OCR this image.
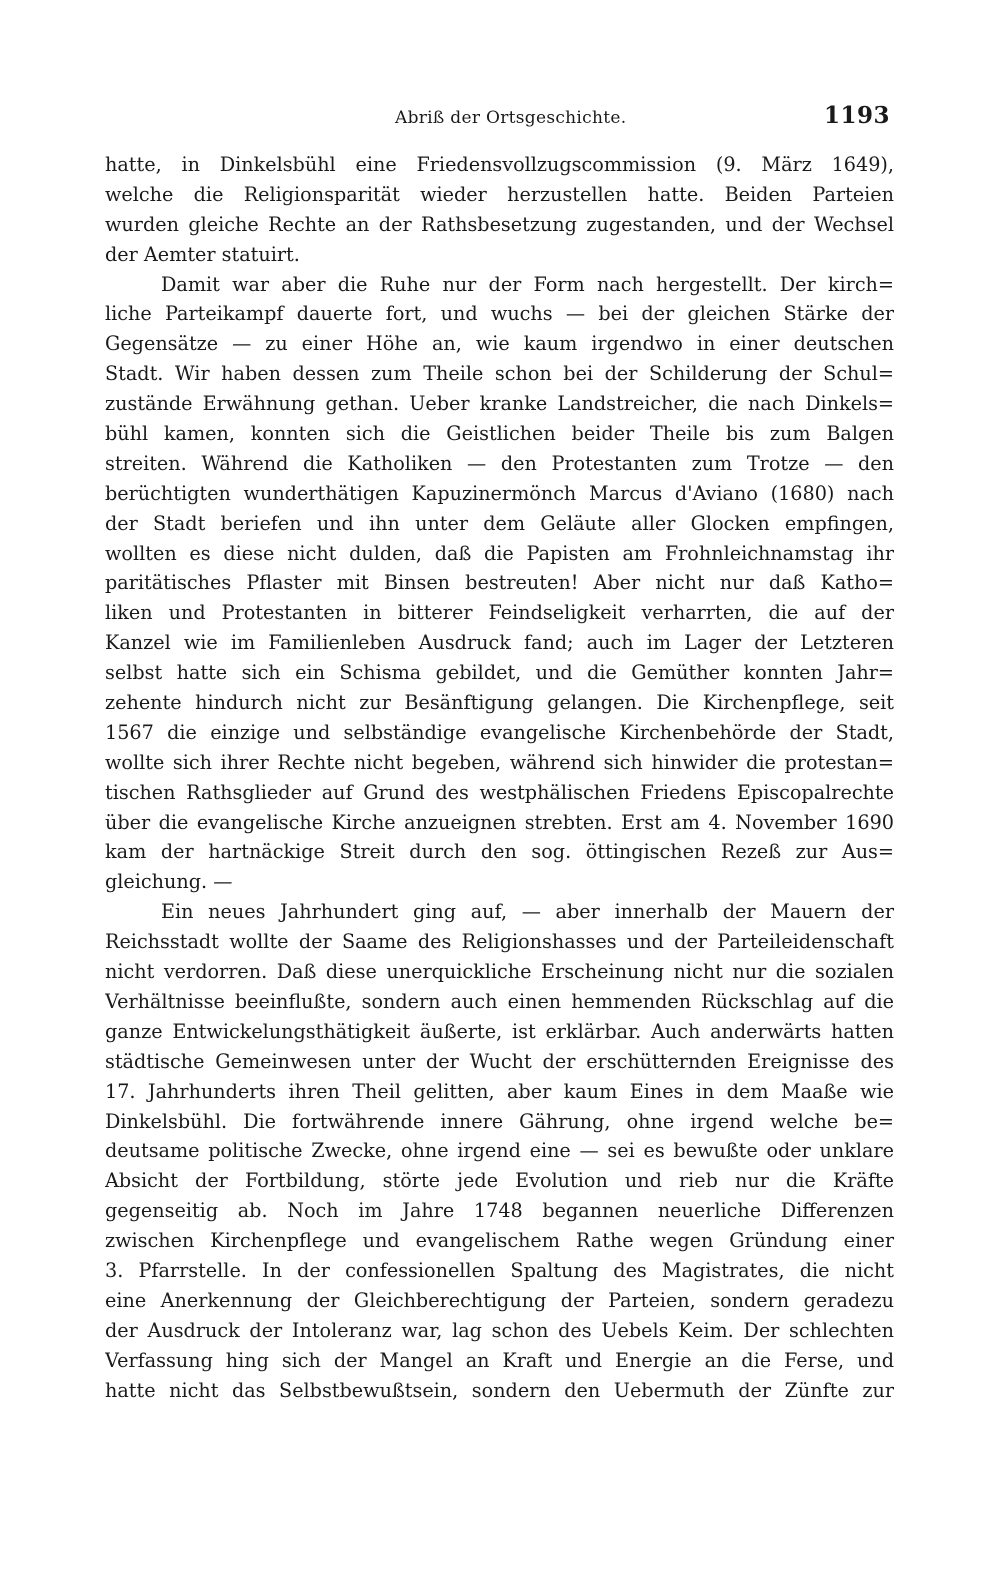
Abriß der Ortsgeschichte.	1193
hatte, in Dinkelsbühl eine Friedensvollzugscommission (9. März 1649),
welche die Religionsparität wieder herzustellen hatte. Beiden Parteien
wurden gleiche Rechte an der Rathsbesetzung zugestanden, und der Wechsel
der Aemter statuirt.
Damit war aber die Ruhe nur der Form nach hergestellt. Der kirch=
liche Parteikampf dauerte fort, und wuchs — bei der gleichen Stärke der
Gegensätze — zu einer Höhe an, wie kaum irgendwo in einer deutschen
Stadt. Wir haben dessen zum Theile schon bei der Schilderung der Schul=
zustände Erwähnung gethan. Ueber kranke Landstreicher, die nach Dinkels=
bühl kamen, konnten sich die Geistlichen beider Theile bis zum Balgen
streiten. Während die Katholiken — den Protestanten zum Trotze — den
berüchtigten wunderthätigen Kapuzinermönch Marcus d'Aviano (1680) nach
der Stadt beriefen und ihn unter dem Geläute aller Glocken empfingen,
wollten es diese nicht dulden, daß die Papisten am Frohnleichnamstag ihr
paritätisches Pflaster mit Binsen bestreuten! Aber nicht nur daß Katho=
liken und Protestanten in bitterer Feindseligkeit verharrten, die auf der
Kanzel wie im Familienleben Ausdruck fand; auch im Lager der Letzteren
selbst hatte sich ein Schisma gebildet, und die Gemüther konnten Jahr=
zehente hindurch nicht zur Besänftigung gelangen. Die Kirchenpflege, seit
1567 die einzige und selbständige evangelische Kirchenbehörde der Stadt,
wollte sich ihrer Rechte nicht begeben, während sich hinwider die protestan=
tischen Rathsglieder auf Grund des westphälischen Friedens Episcopalrechte
über die evangelische Kirche anzueignen strebten. Erst am 4. November 1690
kam der hartnäckige Streit durch den sog. öttingischen Rezeß zur Aus=
gleichung. —
Ein neues Jahrhundert ging auf, — aber innerhalb der Mauern der
Reichsstadt wollte der Saame des Religionshasses und der Parteileidenschaft
nicht verdorren. Daß diese unerquickliche Erscheinung nicht nur die sozialen
Verhältnisse beeinflußte, sondern auch einen hemmenden Rückschlag auf die
ganze Entwickelungsthätigkeit äußerte, ist erklärbar. Auch anderwärts hatten
städtische Gemeinwesen unter der Wucht der erschütternden Ereignisse des
17. Jahrhunderts ihren Theil gelitten, aber kaum Eines in dem Maaße wie
Dinkelsbühl. Die fortwährende innere Gährung, ohne irgend welche be=
deutsame politische Zwecke, ohne irgend eine — sei es bewußte oder unklare
Absicht der Fortbildung, störte jede Evolution und rieb nur die Kräfte
gegenseitig ab. Noch im Jahre 1748 begannen neuerliche Differenzen
zwischen Kirchenpflege und evangelischem Rathe wegen Gründung einer
3. Pfarrstelle. In der confessionellen Spaltung des Magistrates, die nicht
eine Anerkennung der Gleichberechtigung der Parteien, sondern geradezu
der Ausdruck der Intoleranz war, lag schon des Uebels Keim. Der schlechten
Verfassung hing sich der Mangel an Kraft und Energie an die Ferse, und
hatte nicht das Selbstbewußtsein, sondern den Uebermuth der Zünfte zur
